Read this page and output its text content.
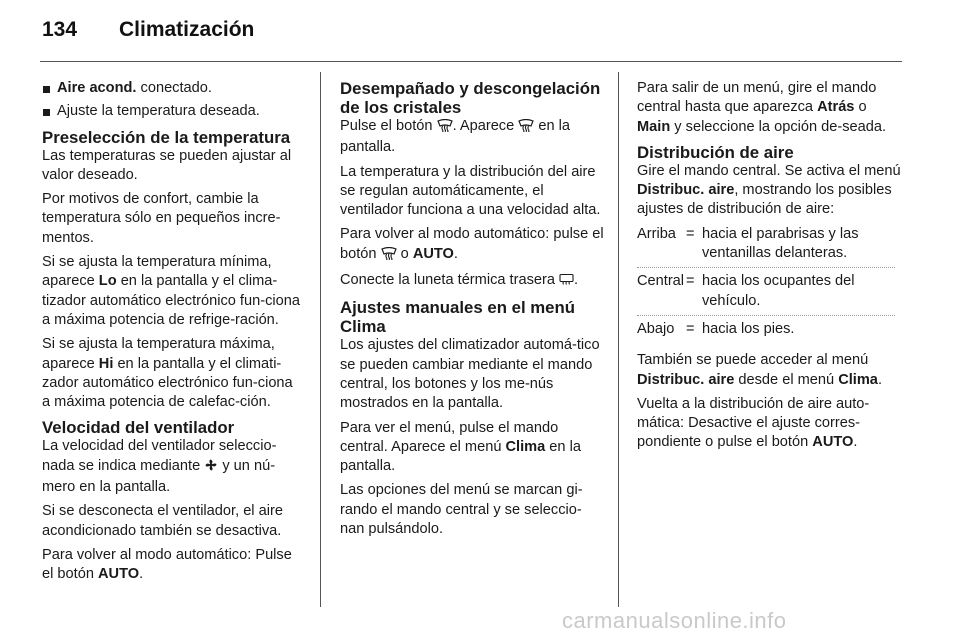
134 Climatización
Aire acond. conectado.
Ajuste la temperatura deseada.
Preselección de la temperatura

Las temperaturas se pueden ajustar al valor deseado.

Por motivos de confort, cambie la temperatura sólo en pequeños incre‐mentos.

Si se ajusta la temperatura mínima, aparece Lo en la pantalla y el clima‐tizador automático electrónico fun‐ciona a máxima potencia de refrige‐ración.

Si se ajusta la temperatura máxima, aparece Hi en la pantalla y el climati‐zador automático electrónico fun‐ciona a máxima potencia de calefac‐ción.

Velocidad del ventilador

La velocidad del ventilador seleccio‐nada se indica mediante  y un nú‐mero en la pantalla.

Si se desconecta el ventilador, el aire acondicionado también se desactiva.

Para volver al modo automático: Pulse el botón AUTO.

Desempañado y descongelación de los cristales

Pulse el botón . Aparece  en la pantalla.

La temperatura y la distribución del aire se regulan automáticamente, el ventilador funciona a una velocidad alta.

Para volver al modo automático: pulse el botón  o AUTO.

Conecte la luneta térmica trasera .

Ajustes manuales en el menú Clima

Los ajustes del climatizador automá‐tico se pueden cambiar mediante el mando central, los botones y los me‐nús mostrados en la pantalla.

Para ver el menú, pulse el mando central. Aparece el menú Clima en la pantalla.

Las opciones del menú se marcan gi‐rando el mando central y se seleccio‐nan pulsándolo.

Para salir de un menú, gire el mando central hasta que aparezca Atrás o Main y seleccione la opción de‐seada.

Distribución de aire

Gire el mando central. Se activa el menú Distribuc. aire, mostrando los posibles ajustes de distribución de aire:

Arriba = hacia el parabrisas y las ventanillas delanteras.
Central = hacia los ocupantes del vehículo.
Abajo = hacia los pies.

También se puede acceder al menú Distribuc. aire desde el menú Clima.

Vuelta a la distribución de aire auto‐mática: Desactive el ajuste corres‐pondiente o pulse el botón AUTO.

carmanualsonline.info
